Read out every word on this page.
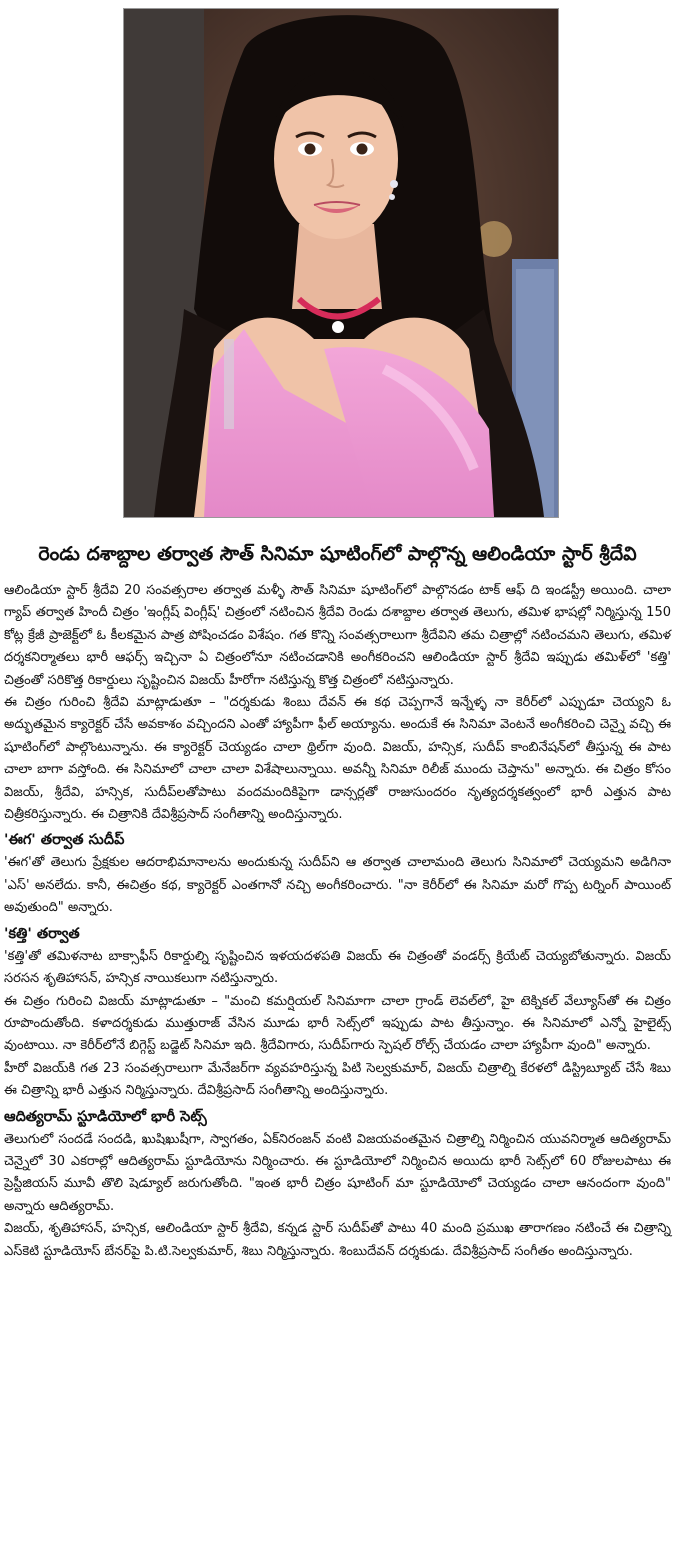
రెండు దశాబ్దాల తర్వాత సౌత్ సినిమా షూటింగ్‌లో పాల్గొన్న ఆలిండియా స్టార్ శ్రీదేవి

ఆలిండియా స్టార్ శ్రీదేవి 20 సంవత్సరాల తర్వాత మళ్ళీ సౌత్ సినిమా షూటింగ్‌లో పాల్గొనడం టాక్ ఆఫ్ ది ఇండస్ట్రీ అయింది. చాలా గ్యాప్ తర్వాత హిందీ చిత్రం 'ఇంగ్లీష్ వింగ్లీష్' చిత్రంలో నటించిన శ్రీదేవి రెండు దశాబ్దాల తర్వాత తెలుగు, తమిళ భాషల్లో నిర్మిస్తున్న 150 కోట్ల క్రేజీ ప్రాజెక్ట్‌లో ఓ కీలకమైన పాత్ర పోషించడం విశేషం. గత కొన్ని సంవత్సరాలుగా శ్రీదేవిని తమ చిత్రాల్లో నటించమని తెలుగు, తమిళ దర్శకనిర్మాతలు భారీ ఆఫర్స్ ఇచ్చినా ఏ చిత్రంలోనూ నటించడానికి అంగీకరించని ఆలిండియా స్టార్ శ్రీదేవి ఇప్పుడు తమిళ్‌లో 'కత్తి' చిత్రంతో సరికొత్త రికార్డులు సృష్టించిన విజయ్ హీరోగా నటిస్తున్న కొత్త చిత్రంలో నటిస్తున్నారు.

ఈ చిత్రం గురించి శ్రీదేవి మాట్లాడుతూ – "దర్శకుడు శింబు దేవన్ ఈ కథ చెప్పగానే ఇన్నేళ్ళ నా కెరీర్‌లో ఎప్పుడూ చెయ్యని ఓ అద్భుతమైన క్యారెక్టర్ చేసే అవకాశం వచ్చిందని ఎంతో హ్యాపీగా ఫీల్ అయ్యాను. అందుకే ఈ సినిమా వెంటనే అంగీకరించి చెన్నై వచ్చి ఈ షూటింగ్‌లో పాల్గొంటున్నాను. ఈ క్యారెక్టర్ చెయ్యడం చాలా థ్రిల్‌గా వుంది. విజయ్, హన్సిక, సుదీప్ కాంబినేషన్‌లో తీస్తున్న ఈ పాట చాలా బాగా వస్తోంది. ఈ సినిమాలో చాలా చాలా విశేషాలున్నాయి. అవన్నీ సినిమా రిలీజ్ ముందు చెప్తాను" అన్నారు. ఈ చిత్రం కోసం విజయ్, శ్రీదేవి, హన్సిక, సుదీప్‌లతోపాటు వందమందికిపైగా డాన్సర్లతో రాజుసుందరం నృత్యదర్శకత్వంలో భారీ ఎత్తున పాట చిత్రీకరిస్తున్నారు. ఈ చిత్రానికి దేవిశ్రీప్రసాద్ సంగీతాన్ని అందిస్తున్నారు.

'ఈగ' తర్వాత సుదీప్

'ఈగ'తో తెలుగు ప్రేక్షకుల ఆదరాభిమానాలను అందుకున్న సుదీప్‌ని ఆ తర్వాత చాలామంది తెలుగు సినిమాలో చెయ్యమని అడిగినా 'ఎస్' అనలేదు. కానీ, ఈచిత్రం కథ, క్యారెక్టర్ ఎంతగానో నచ్చి అంగీకరించారు. "నా కెరీర్‌లో ఈ సినిమా మరో గొప్ప టర్నింగ్ పాయింట్ అవుతుంది" అన్నారు.

'కత్తి' తర్వాత

'కత్తి'తో తమిళనాట బాక్సాఫీస్ రికార్డుల్ని సృష్టించిన ఇళయదళపతి విజయ్ ఈ చిత్రంతో వండర్స్ క్రియేట్ చెయ్యబోతున్నారు. విజయ్ సరసన శృతిహాసన్, హన్సిక నాయికలుగా నటిస్తున్నారు.

ఈ చిత్రం గురించి విజయ్ మాట్లాడుతూ – "మంచి కమర్షియల్ సినిమాగా చాలా గ్రాండ్ లెవల్‌లో, హై టెక్నికల్ వేల్యూస్‌తో ఈ చిత్రం రూపొందుతోంది. కళాదర్శకుడు ముత్తురాజ్ వేసిన మూడు భారీ సెట్స్‌లో ఇప్పుడు పాట తీస్తున్నాం. ఈ సినిమాలో ఎన్నో హైలైట్స్ వుంటాయి. నా కెరీర్‌లోనే బిగ్గెస్ట్ బడ్జెట్ సినిమా ఇది. శ్రీదేవిగారు, సుదీప్‌గారు స్పెషల్ రోల్స్ చేయడం చాలా హ్యాపీగా వుంది" అన్నారు.

హీరో విజయ్‌కి గత 23 సంవత్సరాలుగా మేనేజర్‌గా వ్యవహరిస్తున్న పిటి సెల్వకుమార్, విజయ్ చిత్రాల్ని కేరళలో డిస్ట్రిబ్యూట్ చేసే శిబు ఈ చిత్రాన్ని భారీ ఎత్తున నిర్మిస్తున్నారు. దేవిశ్రీప్రసాద్ సంగీతాన్ని అందిస్తున్నారు.

ఆదిత్యరామ్ స్టూడియోలో భారీ సెట్స్

తెలుగులో సందడే సందడి, ఖుషిఖుషీగా, స్వాగతం, ఏక్‌నిరంజన్ వంటి విజయవంతమైన చిత్రాల్ని నిర్మించిన యువనిర్మాత ఆదిత్యరామ్ చెన్నైలో 30 ఎకరాల్లో ఆదిత్యరామ్ స్టూడియోను నిర్మించారు. ఈ స్టూడియోలో నిర్మించిన అయిదు భారీ సెట్స్‌లో 60 రోజులపాటు ఈ ప్రెస్టీజియస్ మూవీ తొలి షెడ్యూల్ జరుగుతోంది. "ఇంత భారీ చిత్రం షూటింగ్ మా స్టూడియోలో చెయ్యడం చాలా ఆనందంగా వుంది" అన్నారు ఆదిత్యరామ్.

విజయ్, శృతిహాసన్, హన్సిక, ఆలిండియా స్టార్ శ్రీదేవి, కన్నడ స్టార్ సుదీప్‌తో పాటు 40 మంది ప్రముఖ తారాగణం నటించే ఈ చిత్రాన్ని ఎస్‌కెటి స్టూడియోస్ బేనర్‌పై పి.టి.సెల్వకుమార్, శిబు నిర్మిస్తున్నారు. శింబుదేవన్ దర్శకుడు. దేవిశ్రీప్రసాద్ సంగీతం అందిస్తున్నారు.
